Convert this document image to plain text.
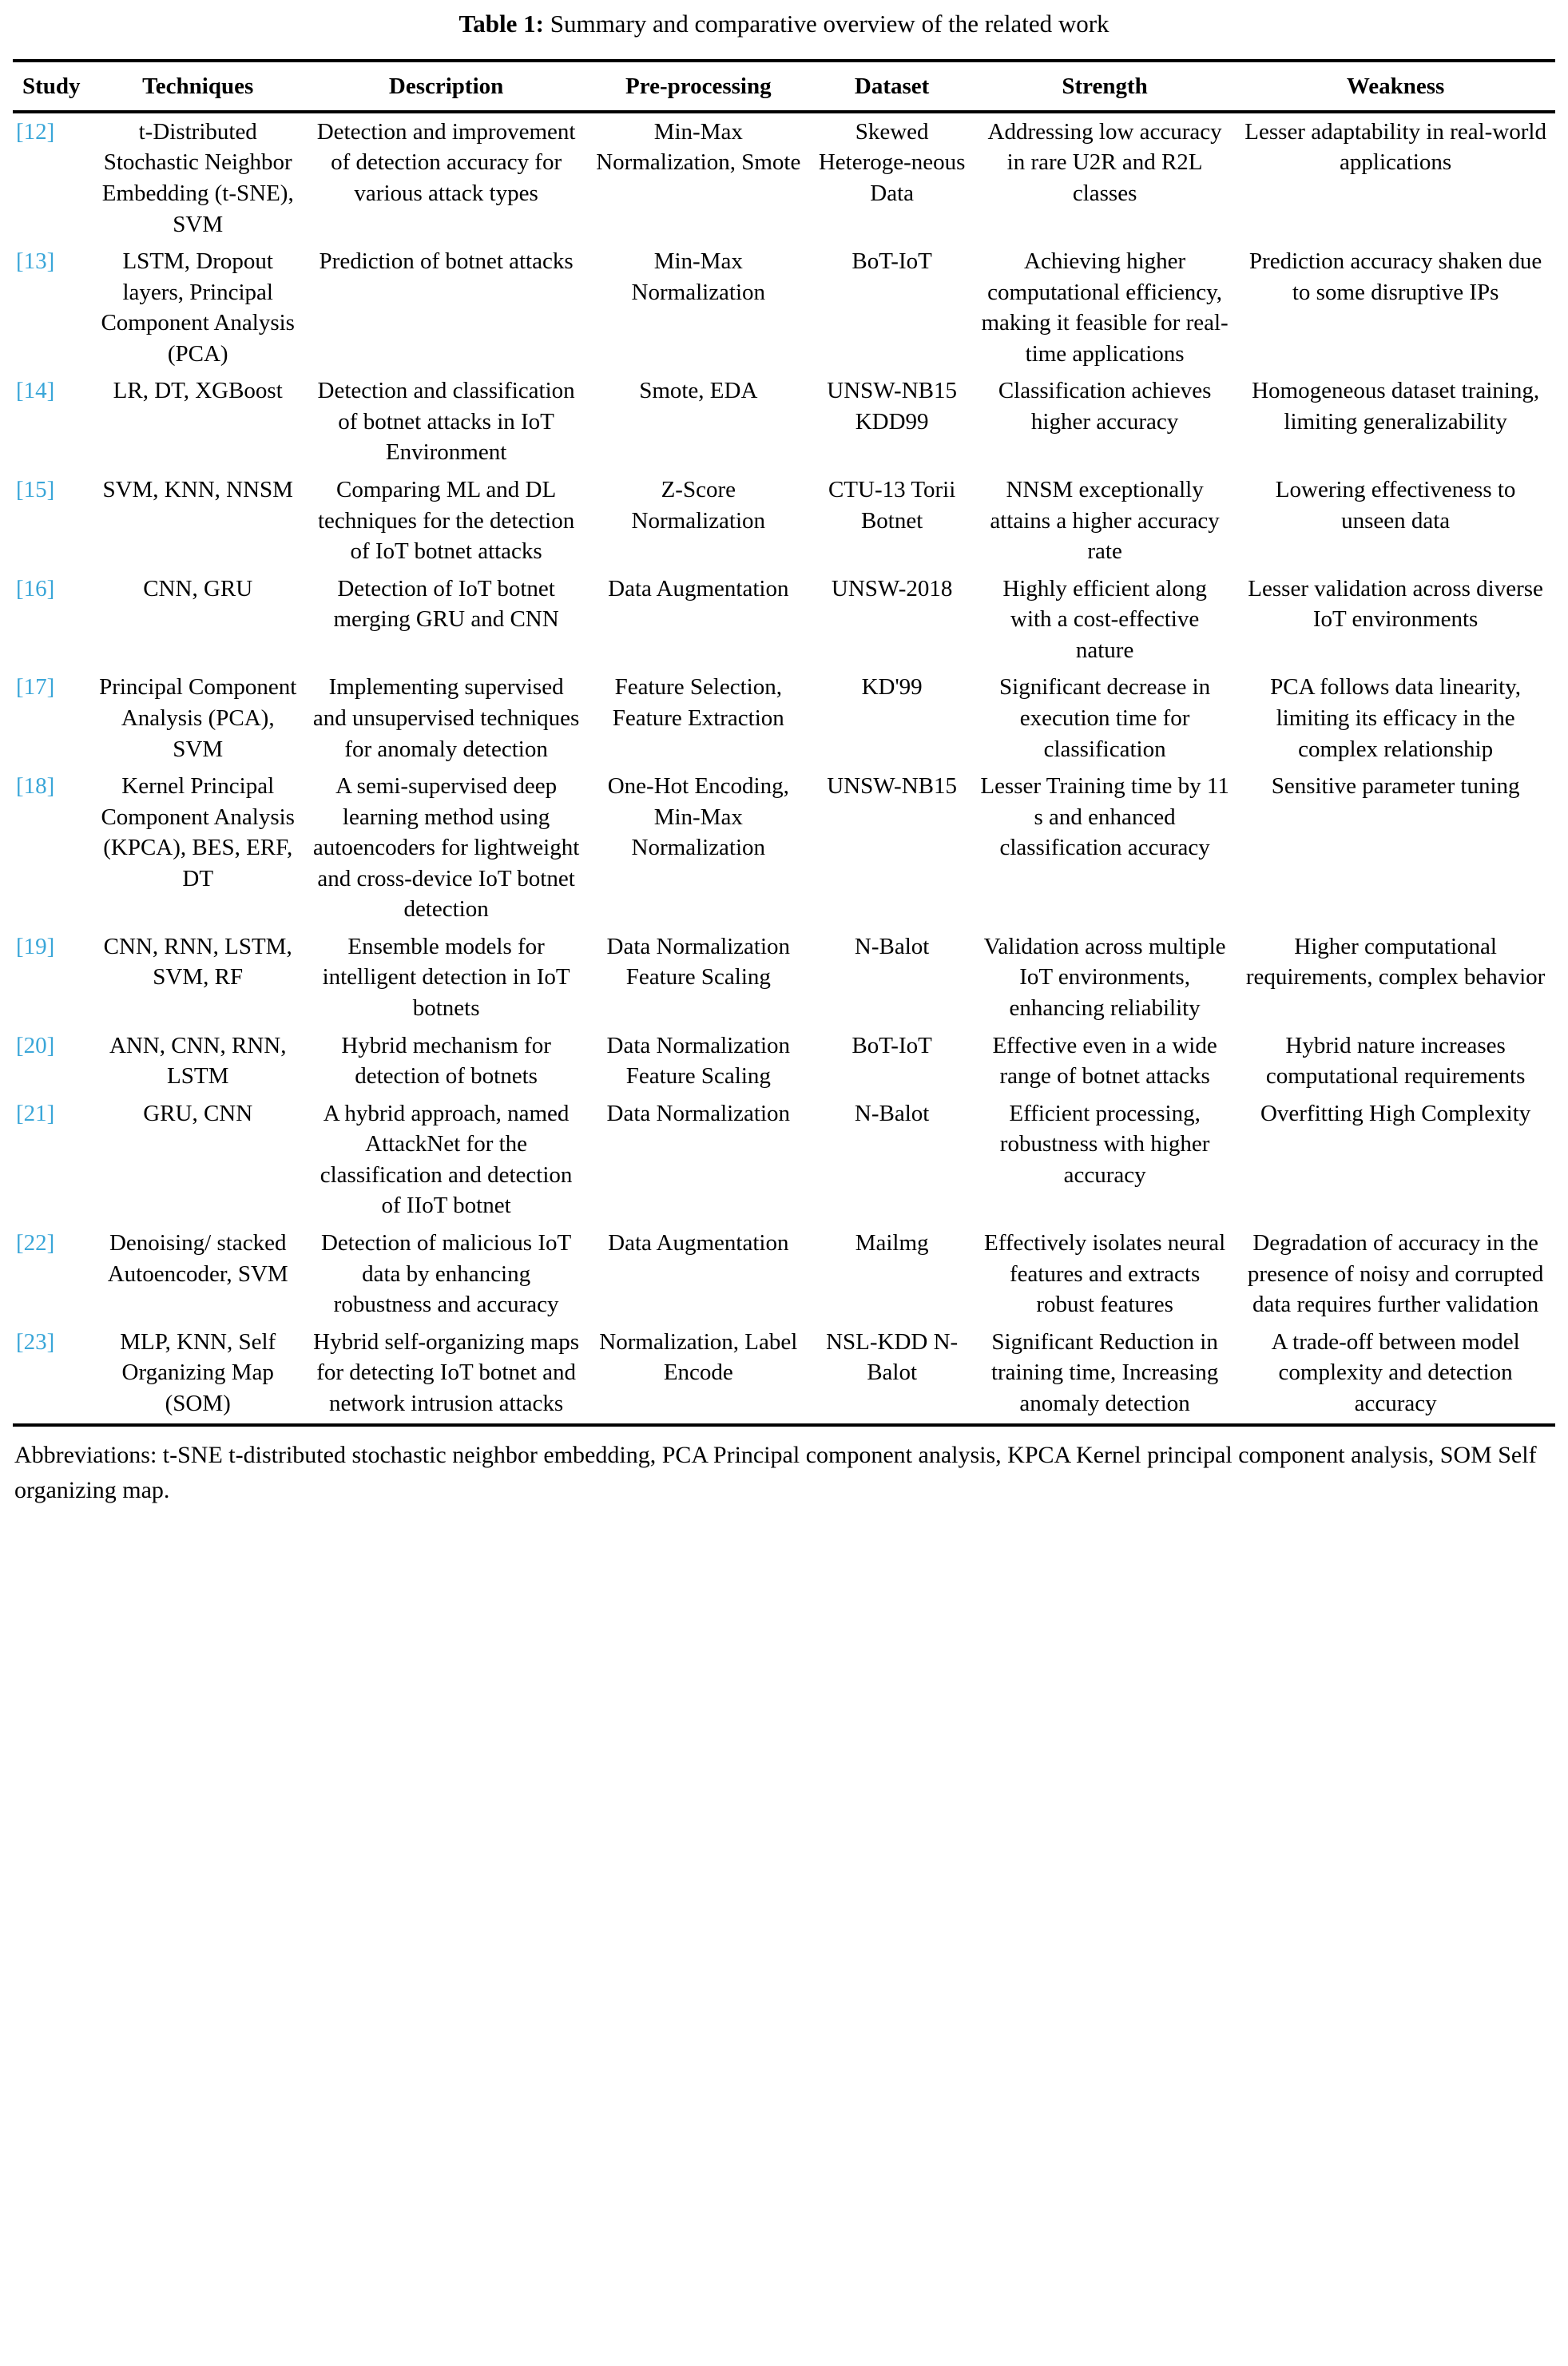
Table 1: Summary and comparative overview of the related work
Study	Techniques	Description	Pre-processing	Dataset	Strength	Weakness
[12]	t-Distributed Stochastic Neighbor Embedding (t-SNE), SVM	Detection and improvement of detection accuracy for various attack types	Min-Max Normalization, Smote	Skewed Heteroge-neous Data	Addressing low accuracy in rare U2R and R2L classes	Lesser adaptability in real-world applications
[13]	LSTM, Dropout layers, Principal Component Analysis (PCA)	Prediction of botnet attacks	Min-Max Normalization	BoT-IoT	Achieving higher computational efficiency, making it feasible for real-time applications	Prediction accuracy shaken due to some disruptive IPs
[14]	LR, DT, XGBoost	Detection and classification of botnet attacks in IoT Environment	Smote, EDA	UNSW-NB15 KDD99	Classification achieves higher accuracy	Homogeneous dataset training, limiting generalizability
[15]	SVM, KNN, NNSM	Comparing ML and DL techniques for the detection of IoT botnet attacks	Z-Score Normalization	CTU-13 Torii Botnet	NNSM exceptionally attains a higher accuracy rate	Lowering effectiveness to unseen data
[16]	CNN, GRU	Detection of IoT botnet merging GRU and CNN	Data Augmentation	UNSW-2018	Highly efficient along with a cost-effective nature	Lesser validation across diverse IoT environments
[17]	Principal Component Analysis (PCA), SVM	Implementing supervised and unsupervised techniques for anomaly detection	Feature Selection, Feature Extraction	KD'99	Significant decrease in execution time for classification	PCA follows data linearity, limiting its efficacy in the complex relationship
[18]	Kernel Principal Component Analysis (KPCA), BES, ERF, DT	A semi-supervised deep learning method using autoencoders for lightweight and cross-device IoT botnet detection	One-Hot Encoding, Min-Max Normalization	UNSW-NB15	Lesser Training time by 11 s and enhanced classification accuracy	Sensitive parameter tuning
[19]	CNN, RNN, LSTM, SVM, RF	Ensemble models for intelligent detection in IoT botnets	Data Normalization Feature Scaling	N-Balot	Validation across multiple IoT environments, enhancing reliability	Higher computational requirements, complex behavior
[20]	ANN, CNN, RNN, LSTM	Hybrid mechanism for detection of botnets	Data Normalization Feature Scaling	BoT-IoT	Effective even in a wide range of botnet attacks	Hybrid nature increases computational requirements
[21]	GRU, CNN	A hybrid approach, named AttackNet for the classification and detection of IIoT botnet	Data Normalization	N-Balot	Efficient processing, robustness with higher accuracy	Overfitting High Complexity
[22]	Denoising/ stacked Autoencoder, SVM	Detection of malicious IoT data by enhancing robustness and accuracy	Data Augmentation	Mailmg	Effectively isolates neural features and extracts robust features	Degradation of accuracy in the presence of noisy and corrupted data requires further validation
[23]	MLP, KNN, Self Organizing Map (SOM)	Hybrid self-organizing maps for detecting IoT botnet and network intrusion attacks	Normalization, Label Encode	NSL-KDD N-Balot	Significant Reduction in training time, Increasing anomaly detection	A trade-off between model complexity and detection accuracy
Abbreviations: t-SNE t-distributed stochastic neighbor embedding, PCA Principal component analysis, KPCA Kernel principal component analysis, SOM Self organizing map.
